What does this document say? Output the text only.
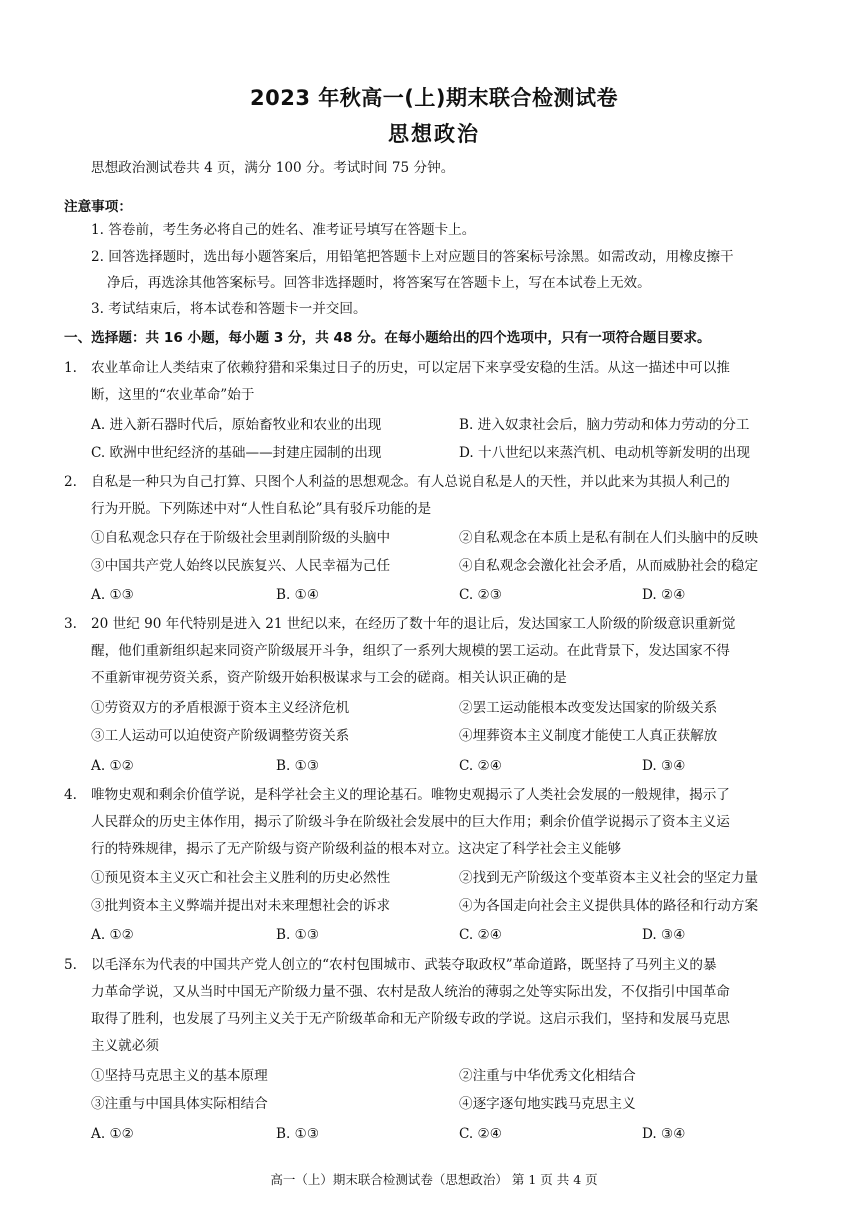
2023 年秋高一(上)期末联合检测试卷
思想政治
思想政治测试卷共 4 页，满分 100 分。考试时间 75 分钟。
注意事项：
1. 答卷前，考生务必将自己的姓名、准考证号填写在答题卡上。
2. 回答选择题时，选出每小题答案后，用铅笔把答题卡上对应题目的答案标号涂黑。如需改动，用橡皮擦干
净后，再选涂其他答案标号。回答非选择题时，将答案写在答题卡上，写在本试卷上无效。
3. 考试结束后，将本试卷和答题卡一并交回。
一、选择题：共 16 小题，每小题 3 分，共 48 分。在每小题给出的四个选项中，只有一项符合题目要求。
1. 农业革命让人类结束了依赖狩猎和采集过日子的历史，可以定居下来享受安稳的生活。从这一描述中可以推
断，这里的“农业革命”始于
A. 进入新石器时代后，原始畜牧业和农业的出现	B. 进入奴隶社会后，脑力劳动和体力劳动的分工
C. 欧洲中世纪经济的基础——封建庄园制的出现	D. 十八世纪以来蒸汽机、电动机等新发明的出现
2. 自私是一种只为自己打算、只图个人利益的思想观念。有人总说自私是人的天性，并以此来为其损人利己的
行为开脱。下列陈述中对“人性自私论”具有驳斥功能的是
①自私观念只存在于阶级社会里剥削阶级的头脑中	②自私观念在本质上是私有制在人们头脑中的反映
③中国共产党人始终以民族复兴、人民幸福为己任	④自私观念会激化社会矛盾，从而威胁社会的稳定
A. ①③	B. ①④	C. ②③	D. ②④
3. 20 世纪 90 年代特别是进入 21 世纪以来，在经历了数十年的退让后，发达国家工人阶级的阶级意识重新觉
醒，他们重新组织起来同资产阶级展开斗争，组织了一系列大规模的罢工运动。在此背景下，发达国家不得
不重新审视劳资关系，资产阶级开始积极谋求与工会的磋商。相关认识正确的是
①劳资双方的矛盾根源于资本主义经济危机	②罢工运动能根本改变发达国家的阶级关系
③工人运动可以迫使资产阶级调整劳资关系	④埋葬资本主义制度才能使工人真正获解放
A. ①②	B. ①③	C. ②④	D. ③④
4. 唯物史观和剩余价值学说，是科学社会主义的理论基石。唯物史观揭示了人类社会发展的一般规律，揭示了
人民群众的历史主体作用，揭示了阶级斗争在阶级社会发展中的巨大作用；剩余价值学说揭示了资本主义运
行的特殊规律，揭示了无产阶级与资产阶级利益的根本对立。这决定了科学社会主义能够
①预见资本主义灭亡和社会主义胜利的历史必然性	②找到无产阶级这个变革资本主义社会的坚定力量
③批判资本主义弊端并提出对未来理想社会的诉求	④为各国走向社会主义提供具体的路径和行动方案
A. ①②	B. ①③	C. ②④	D. ③④
5. 以毛泽东为代表的中国共产党人创立的“农村包围城市、武装夺取政权”革命道路，既坚持了马列主义的暴
力革命学说，又从当时中国无产阶级力量不强、农村是敌人统治的薄弱之处等实际出发，不仅指引中国革命
取得了胜利，也发展了马列主义关于无产阶级革命和无产阶级专政的学说。这启示我们，坚持和发展马克思
主义就必须
①坚持马克思主义的基本原理	②注重与中华优秀文化相结合
③注重与中国具体实际相结合	④逐字逐句地实践马克思主义
A. ①②	B. ①③	C. ②④	D. ③④
高一（上）期末联合检测试卷（思想政治） 第 1 页 共 4 页
